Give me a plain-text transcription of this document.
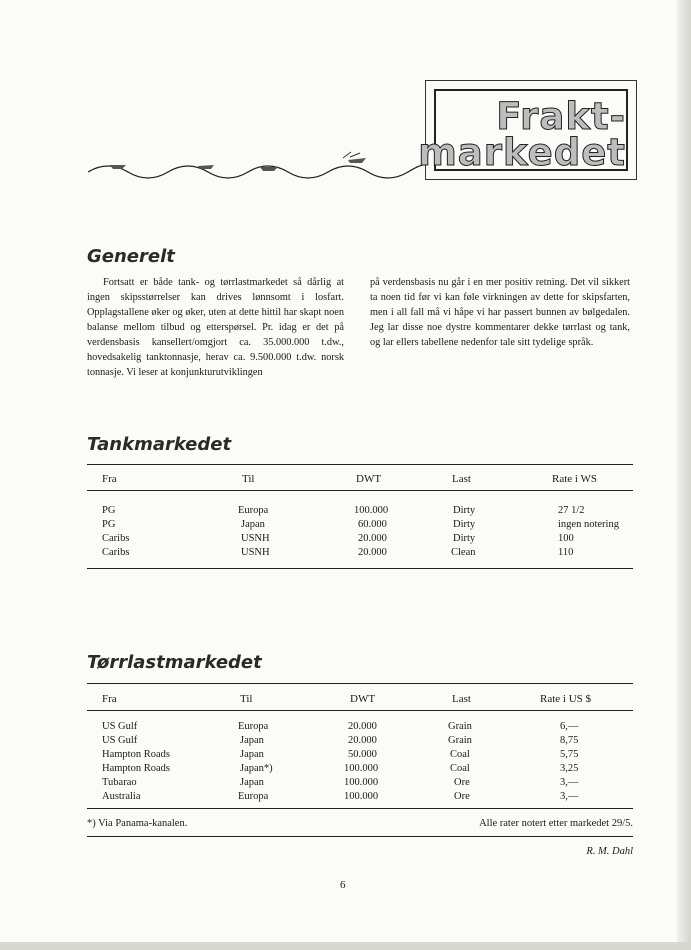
Frakt-
markedet
Generelt

Fortsatt er både tank- og tørrlastmarkedet så dårlig at ingen skipsstørrelser kan drives lønnsomt i losfart. Opplagstallene øker og øker, uten at dette hittil har skapt noen balanse mellom tilbud og etterspørsel. Pr. idag er det på verdensbasis kansellert/omgjort ca. 35.000.000 t.dw., hovedsakelig tanktonnasje, herav ca. 9.500.000 t.dw. norsk tonnasje. Vi leser at konjunkturutviklingen

på verdensbasis nu går i en mer positiv retning. Det vil sikkert ta noen tid før vi kan føle virkningen av dette for skipsfarten, men i all fall må vi håpe vi har passert bunnen av bølgedalen. Jeg lar disse noe dystre kommentarer dekke tørrlast og tank, og lar ellers tabellene nedenfor tale sitt tydelige språk.

Tankmarkedet
Fra	Til	DWT	Last	Rate i WS
PG	Europa	100.000	Dirty	27 1/2
PG	Japan	60.000	Dirty	ingen notering
Caribs	USNH	20.000	Dirty	100
Caribs	USNH	20.000	Clean	110
Tørrlastmarkedet
Fra	Til	DWT	Last	Rate i US $
US Gulf	Europa	20.000	Grain	6,—
US Gulf	Japan	20.000	Grain	8,75
Hampton Roads	Japan	50.000	Coal	5,75
Hampton Roads	Japan*)	100.000	Coal	3,25
Tubarao	Japan	100.000	Ore	3,—
Australia	Europa	100.000	Ore	3,—
*) Via Panama-kanalen.	Alle rater notert etter markedet 29/5.
R. M. Dahl
6
